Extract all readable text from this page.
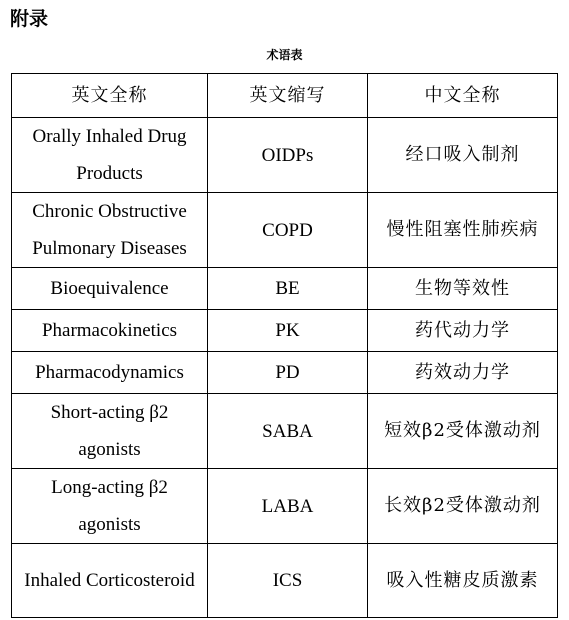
附录
术语表
英文全称	英文缩写	中文全称
Orally Inhaled Drug Products	OIDPs	经口吸入制剂
Chronic Obstructive Pulmonary Diseases	COPD	慢性阻塞性肺疾病
Bioequivalence	BE	生物等效性
Pharmacokinetics	PK	药代动力学
Pharmacodynamics	PD	药效动力学
Short-acting β2 agonists	SABA	短效β2受体激动剂
Long-acting β2 agonists	LABA	长效β2受体激动剂
Inhaled Corticosteroid	ICS	吸入性糖皮质激素
